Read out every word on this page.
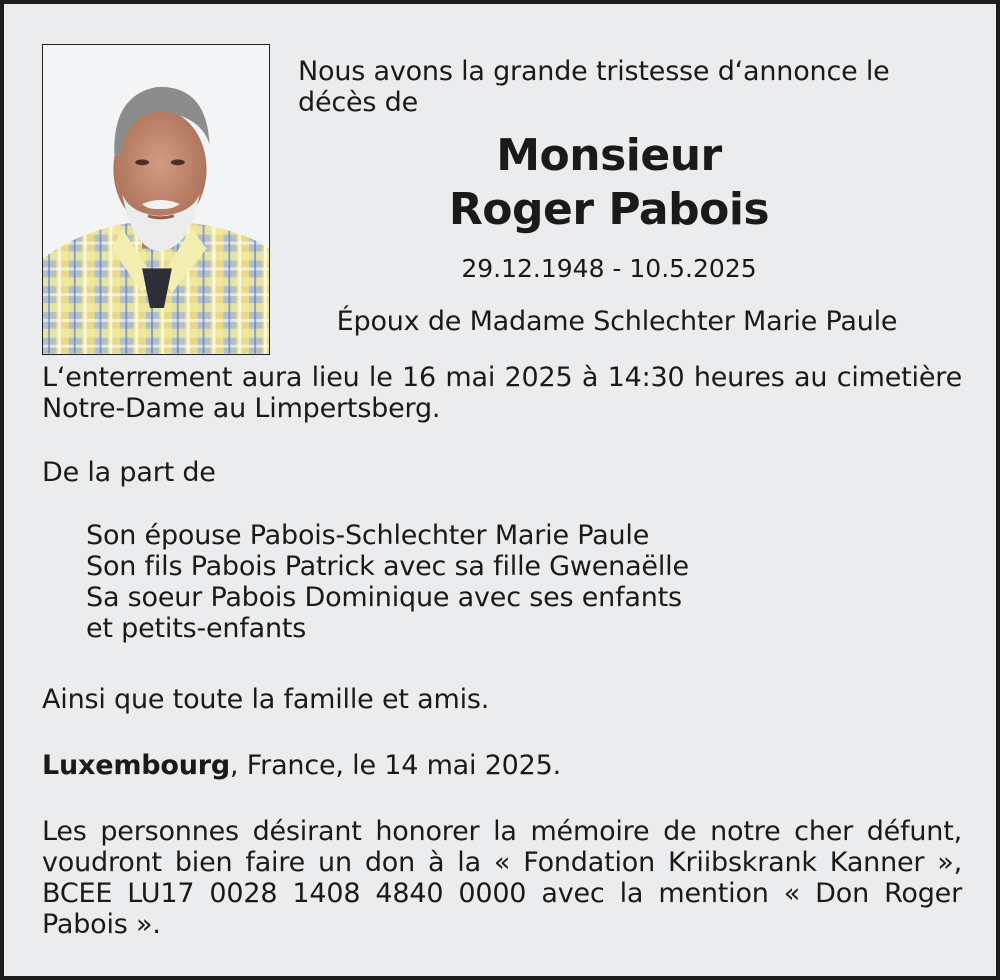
Nous avons la grande tristesse d‘annonce le décès de
Monsieur
Roger Pabois
29.12.1948 - 10.5.2025
Époux de Madame Schlechter Marie Paule
L‘enterrement aura lieu le 16 mai 2025 à 14:30 heures au cimetière Notre-Dame au Limpertsberg.
De la part de
Son épouse Pabois-Schlechter Marie Paule
Son fils Pabois Patrick avec sa fille Gwenaëlle
Sa soeur Pabois Dominique avec ses enfants
et petits-enfants
Ainsi que toute la famille et amis.
Luxembourg, France, le 14 mai 2025.
Les personnes désirant honorer la mémoire de notre cher défunt, voudront bien faire un don à la « Fondation Kriibskrank Kanner », BCEE LU17 0028 1408 4840 0000 avec la mention « Don Roger Pabois ».
